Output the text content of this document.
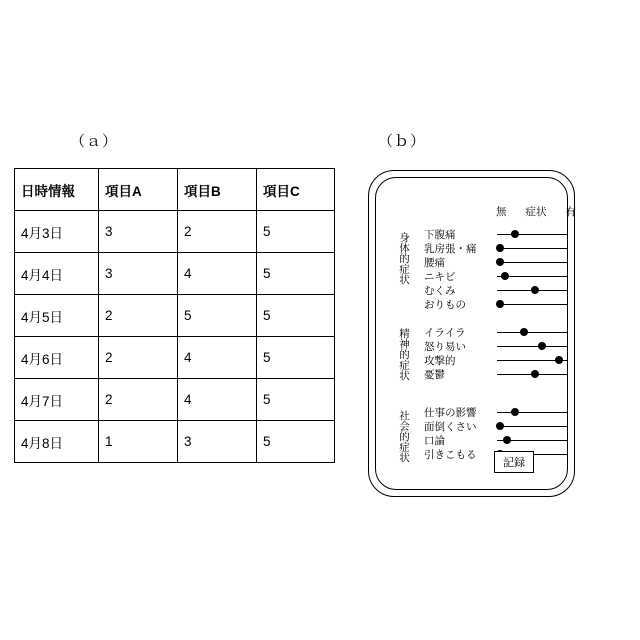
（ａ）
日時情報	項目A	項目B	項目C
4月3日	3	2	5
4月4日	3	4	5
4月5日	2	5	5
4月6日	2	4	5
4月7日	2	4	5
4月8日	1	3	5
（ｂ）
無 症状 有
身体的症状
精神的症状
社会的症状
下腹痛
乳房張・痛
腰痛
ニキビ
むくみ
おりもの
イライラ
怒り易い
攻撃的
憂鬱
仕事の影響
面倒くさい
口論
引きこもる
記録
